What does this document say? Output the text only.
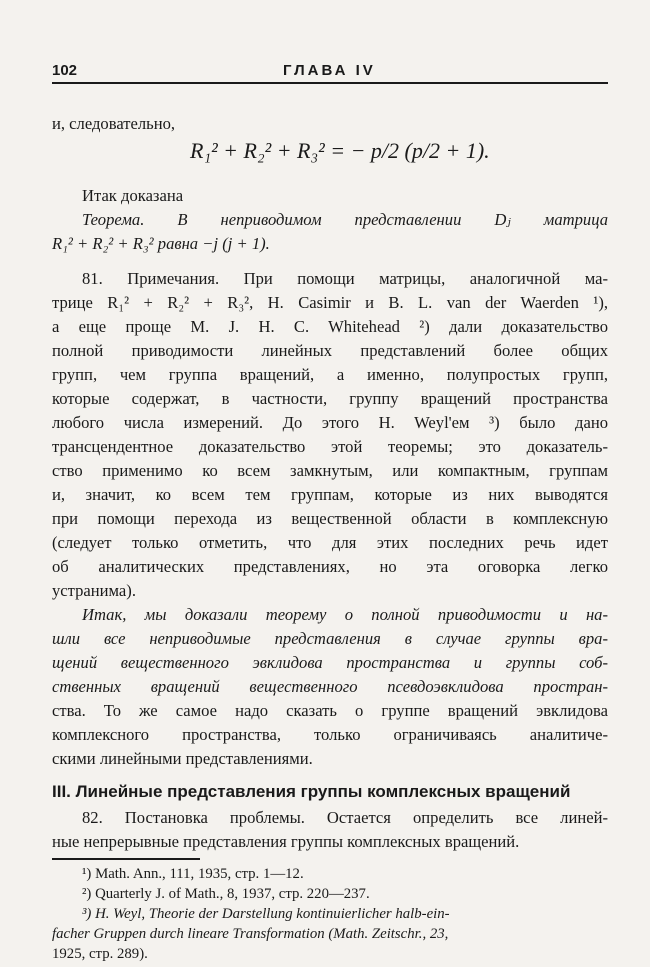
102	ГЛАВА IV
и, следовательно,
R₁² + R₂² + R₃² = − p/2 (p/2 + 1).
Итак доказана
Теорема. В неприводимом представлении Dⱼ матрица
R₁² + R₂² + R₃² равна −j (j + 1).
81. Примечания. При помощи матрицы, аналогичной ма-
трице R₁² + R₂² + R₃², H. Casimir и B. L. van der Waerden ¹),
а еще проще M. J. H. C. Whitehead ²) дали доказательство
полной приводимости линейных представлений более общих
групп, чем группа вращений, а именно, полупростых групп,
которые содержат, в частности, группу вращений пространства
любого числа измерений. До этого H. Weyl'ем ³) было дано
трансцендентное доказательство этой теоремы; это доказатель-
ство применимо ко всем замкнутым, или компактным, группам
и, значит, ко всем тем группам, которые из них выводятся
при помощи перехода из вещественной области в комплексную
(следует только отметить, что для этих последних речь идет
об аналитических представлениях, но эта оговорка легко
устранима).
Итак, мы доказали теорему о полной приводимости и на-
шли все неприводимые представления в случае группы вра-
щений вещественного эвклидова пространства и группы соб-
ственных вращений вещественного псевдоэвклидова простран-
ства. То же самое надо сказать о группе вращений эвклидова
комплексного пространства, только ограничиваясь аналитиче-
скими линейными представлениями.
III. Линейные представления группы комплексных вращений
82. Постановка проблемы. Остается определить все линей-
ные непрерывные представления группы комплексных вращений.
¹) Math. Ann., 111, 1935, стр. 1—12.
²) Quarterly J. of Math., 8, 1937, стр. 220—237.
³) H. Weyl, Theorie der Darstellung kontinuierlicher halb-ein-
facher Gruppen durch lineare Transformation (Math. Zeitschr., 23,
1925, стр. 289).
